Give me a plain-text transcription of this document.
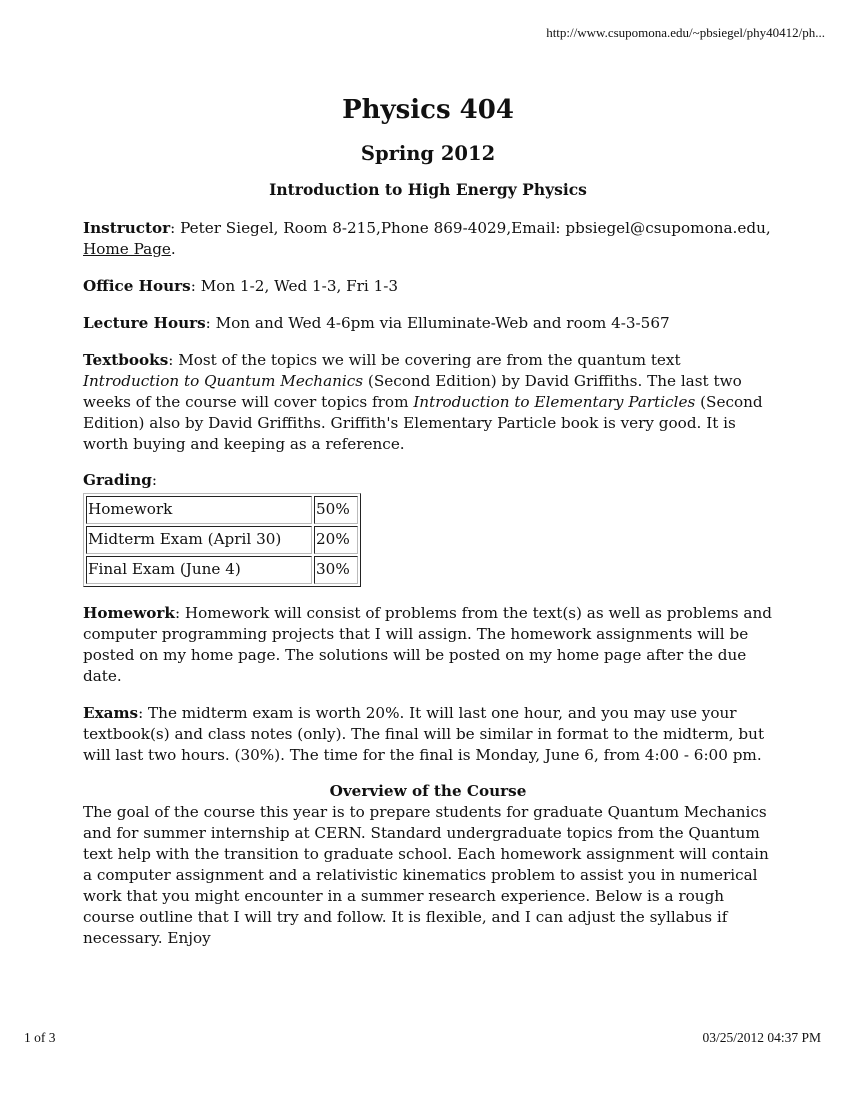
http://www.csupomona.edu/~pbsiegel/phy40412/ph...
Physics 404
Spring 2012
Introduction to High Energy Physics

Instructor: Peter Siegel, Room 8-215,Phone 869-4029,Email: pbsiegel@csupomona.edu, Home Page.

Office Hours: Mon 1-2, Wed 1-3, Fri 1-3

Lecture Hours: Mon and Wed 4-6pm via Elluminate-Web and room 4-3-567

Textbooks: Most of the topics we will be covering are from the quantum text Introduction to Quantum Mechanics (Second Edition) by David Griffiths. The last two weeks of the course will cover topics from Introduction to Elementary Particles (Second Edition) also by David Griffiths. Griffith's Elementary Particle book is very good. It is worth buying and keeping as a reference.

Grading:

Homework	50%
Midterm Exam (April 30)	20%
Final Exam (June 4)	30%

Homework: Homework will consist of problems from the text(s) as well as problems and computer programming projects that I will assign. The homework assignments will be posted on my home page. The solutions will be posted on my home page after the due date.

Exams: The midterm exam is worth 20%. It will last one hour, and you may use your textbook(s) and class notes (only). The final will be similar in format to the midterm, but will last two hours. (30%). The time for the final is Monday, June 6, from 4:00 - 6:00 pm.

Overview of the Course

The goal of the course this year is to prepare students for graduate Quantum Mechanics and for summer internship at CERN. Standard undergraduate topics from the Quantum text help with the transition to graduate school. Each homework assignment will contain a computer assignment and a relativistic kinematics problem to assist you in numerical work that you might encounter in a summer research experience. Below is a rough course outline that I will try and follow. It is flexible, and I can adjust the syllabus if necessary. Enjoy

1 of 3	03/25/2012 04:37 PM
